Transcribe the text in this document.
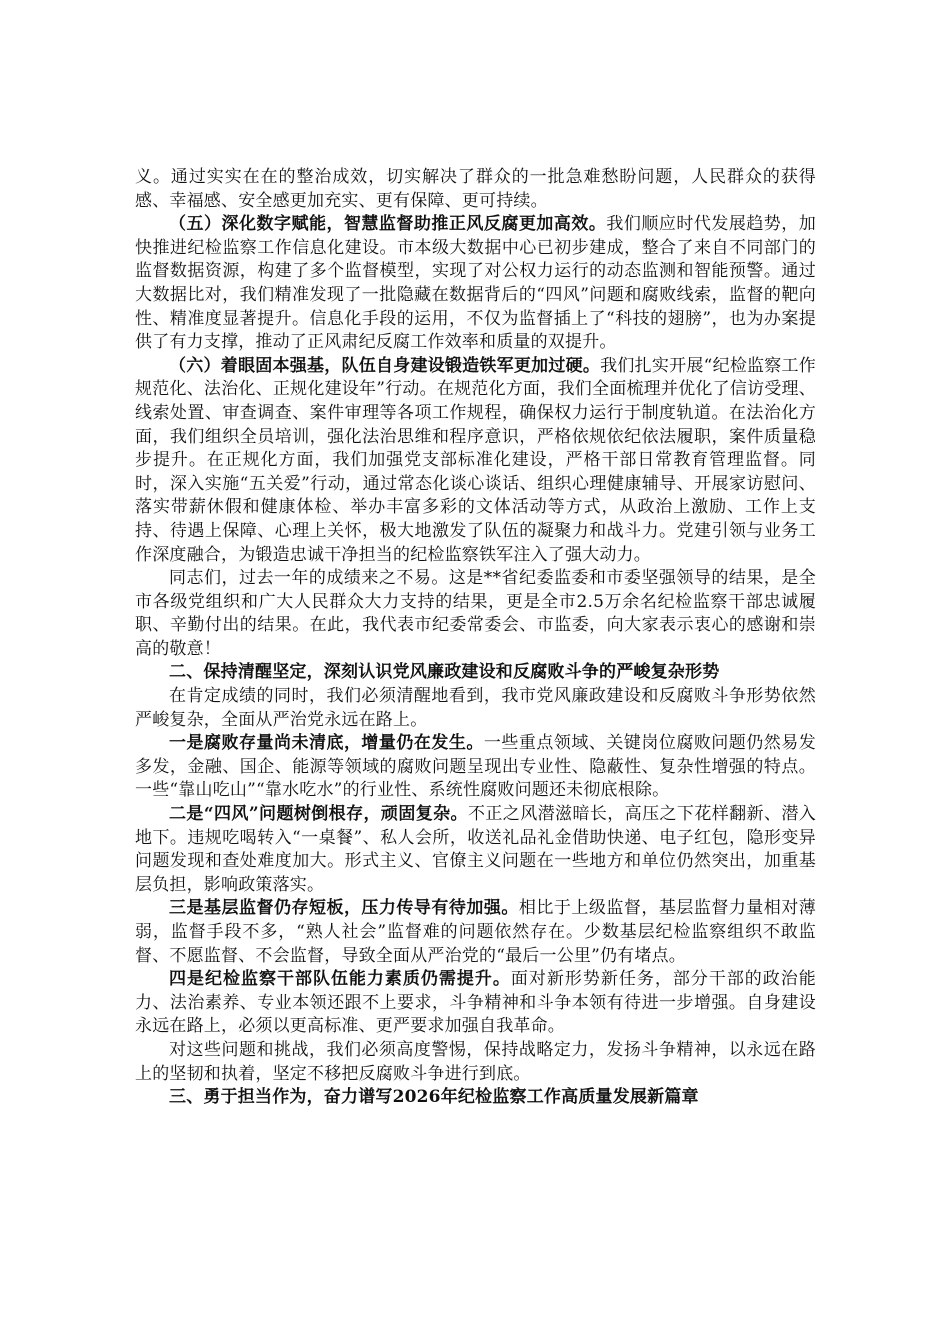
义。通过实实在在的整治成效，切实解决了群众的一批急难愁盼问题，人民群众的获得感、幸福感、安全感更加充实、更有保障、更可持续。

（五）深化数字赋能，智慧监督助推正风反腐更加高效。我们顺应时代发展趋势，加快推进纪检监察工作信息化建设。市本级大数据中心已初步建成，整合了来自不同部门的监督数据资源，构建了多个监督模型，实现了对公权力运行的动态监测和智能预警。通过大数据比对，我们精准发现了一批隐藏在数据背后的“四风”问题和腐败线索，监督的靶向性、精准度显著提升。信息化手段的运用，不仅为监督插上了“科技的翅膀”，也为办案提供了有力支撑，推动了正风肃纪反腐工作效率和质量的双提升。

（六）着眼固本强基，队伍自身建设锻造铁军更加过硬。我们扎实开展“纪检监察工作规范化、法治化、正规化建设年”行动。在规范化方面，我们全面梳理并优化了信访受理、线索处置、审查调查、案件审理等各项工作规程，确保权力运行于制度轨道。在法治化方面，我们组织全员培训，强化法治思维和程序意识，严格依规依纪依法履职，案件质量稳步提升。在正规化方面，我们加强党支部标准化建设，严格干部日常教育管理监督。同时，深入实施“五关爱”行动，通过常态化谈心谈话、组织心理健康辅导、开展家访慰问、落实带薪休假和健康体检、举办丰富多彩的文体活动等方式，从政治上激励、工作上支持、待遇上保障、心理上关怀，极大地激发了队伍的凝聚力和战斗力。党建引领与业务工作深度融合，为锻造忠诚干净担当的纪检监察铁军注入了强大动力。

同志们，过去一年的成绩来之不易。这是**省纪委监委和市委坚强领导的结果，是全市各级党组织和广大人民群众大力支持的结果，更是全市2.5万余名纪检监察干部忠诚履职、辛勤付出的结果。在此，我代表市纪委常委会、市监委，向大家表示衷心的感谢和崇高的敬意！

二、保持清醒坚定，深刻认识党风廉政建设和反腐败斗争的严峻复杂形势

在肯定成绩的同时，我们必须清醒地看到，我市党风廉政建设和反腐败斗争形势依然严峻复杂，全面从严治党永远在路上。

一是腐败存量尚未清底，增量仍在发生。一些重点领域、关键岗位腐败问题仍然易发多发，金融、国企、能源等领域的腐败问题呈现出专业性、隐蔽性、复杂性增强的特点。一些“靠山吃山”“靠水吃水”的行业性、系统性腐败问题还未彻底根除。

二是“四风”问题树倒根存，顽固复杂。不正之风潜滋暗长，高压之下花样翻新、潜入地下。违规吃喝转入“一桌餐”、私人会所，收送礼品礼金借助快递、电子红包，隐形变异问题发现和查处难度加大。形式主义、官僚主义问题在一些地方和单位仍然突出，加重基层负担，影响政策落实。

三是基层监督仍存短板，压力传导有待加强。相比于上级监督，基层监督力量相对薄弱，监督手段不多，“熟人社会”监督难的问题依然存在。少数基层纪检监察组织不敢监督、不愿监督、不会监督，导致全面从严治党的“最后一公里”仍有堵点。

四是纪检监察干部队伍能力素质仍需提升。面对新形势新任务，部分干部的政治能力、法治素养、专业本领还跟不上要求，斗争精神和斗争本领有待进一步增强。自身建设永远在路上，必须以更高标准、更严要求加强自我革命。

对这些问题和挑战，我们必须高度警惕，保持战略定力，发扬斗争精神，以永远在路上的坚韧和执着，坚定不移把反腐败斗争进行到底。

三、勇于担当作为，奋力谱写2026年纪检监察工作高质量发展新篇章
